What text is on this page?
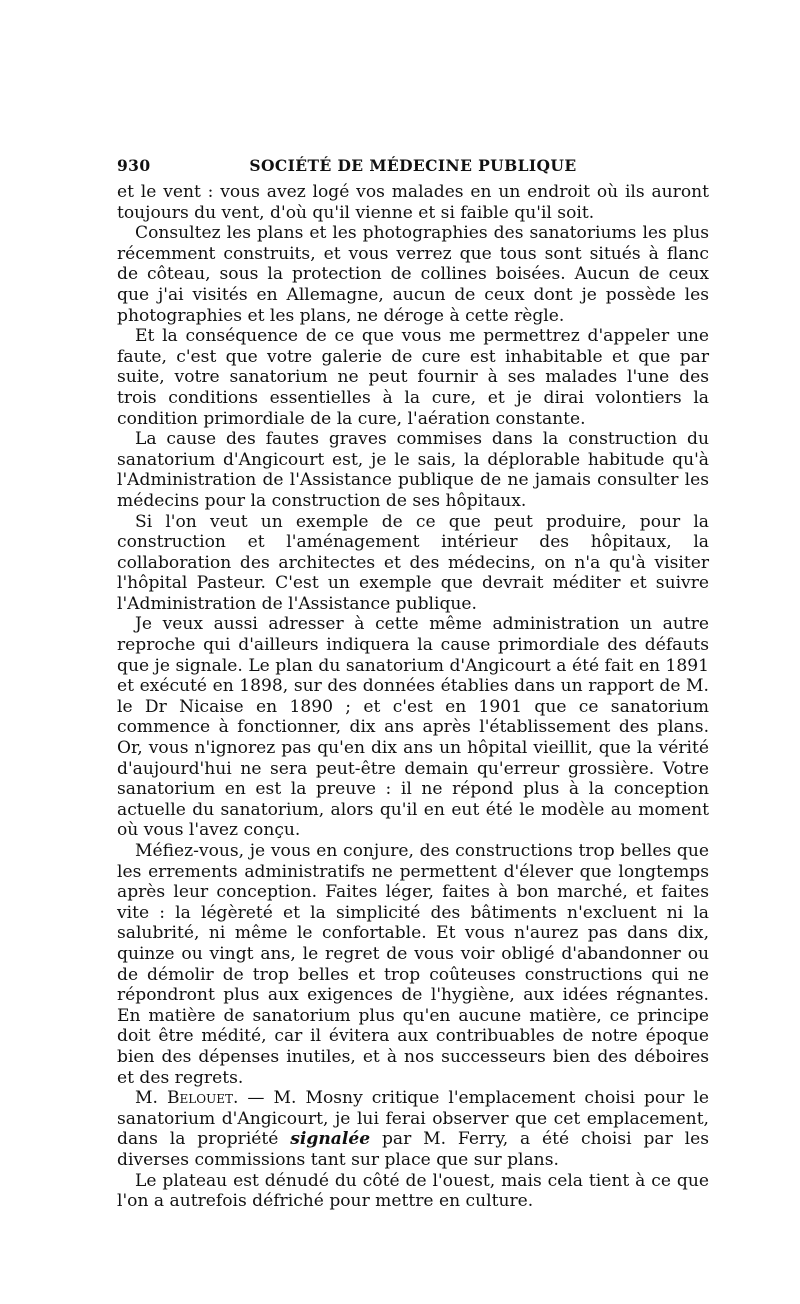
930	SOCIÉTÉ DE MÉDECINE PUBLIQUE

et le vent : vous avez logé vos malades en un endroit où ils auront toujours du vent, d'où qu'il vienne et si faible qu'il soit.

Consultez les plans et les photographies des sanatoriums les plus récemment construits, et vous verrez que tous sont situés à flanc de côteau, sous la protection de collines boisées. Aucun de ceux que j'ai visités en Allemagne, aucun de ceux dont je possède les photographies et les plans, ne déroge à cette règle.

Et la conséquence de ce que vous me permettrez d'appeler une faute, c'est que votre galerie de cure est inhabitable et que par suite, votre sanatorium ne peut fournir à ses malades l'une des trois conditions essentielles à la cure, et je dirai volontiers la condition primordiale de la cure, l'aération constante.

La cause des fautes graves commises dans la construction du sanatorium d'Angicourt est, je le sais, la déplorable habitude qu'à l'Administration de l'Assistance publique de ne jamais consulter les médecins pour la construction de ses hôpitaux.

Si l'on veut un exemple de ce que peut produire, pour la construction et l'aménagement intérieur des hôpitaux, la collaboration des architectes et des médecins, on n'a qu'à visiter l'hôpital Pasteur. C'est un exemple que devrait méditer et suivre l'Administration de l'Assistance publique.

Je veux aussi adresser à cette même administration un autre reproche qui d'ailleurs indiquera la cause primordiale des défauts que je signale. Le plan du sanatorium d'Angicourt a été fait en 1891 et exécuté en 1898, sur des données établies dans un rapport de M. le Dr Nicaise en 1890 ; et c'est en 1901 que ce sanatorium commence à fonctionner, dix ans après l'établissement des plans. Or, vous n'ignorez pas qu'en dix ans un hôpital vieillit, que la vérité d'aujourd'hui ne sera peut-être demain qu'erreur grossière. Votre sanatorium en est la preuve : il ne répond plus à la conception actuelle du sanatorium, alors qu'il en eut été le modèle au moment où vous l'avez conçu.

Méfiez-vous, je vous en conjure, des constructions trop belles que les errements administratifs ne permettent d'élever que longtemps après leur conception. Faites léger, faites à bon marché, et faites vite : la légèreté et la simplicité des bâtiments n'excluent ni la salubrité, ni même le confortable. Et vous n'aurez pas dans dix, quinze ou vingt ans, le regret de vous voir obligé d'abandonner ou de démolir de trop belles et trop coûteuses constructions qui ne répondront plus aux exigences de l'hygiène, aux idées régnantes. En matière de sanatorium plus qu'en aucune matière, ce principe doit être médité, car il évitera aux contribuables de notre époque bien des dépenses inutiles, et à nos successeurs bien des déboires et des regrets.

M. Belouet. — M. Mosny critique l'emplacement choisi pour le sanatorium d'Angicourt, je lui ferai observer que cet emplacement, dans la propriété signalée par M. Ferry, a été choisi par les diverses commissions tant sur place que sur plans.

Le plateau est dénudé du côté de l'ouest, mais cela tient à ce que l'on a autrefois défriché pour mettre en culture.
